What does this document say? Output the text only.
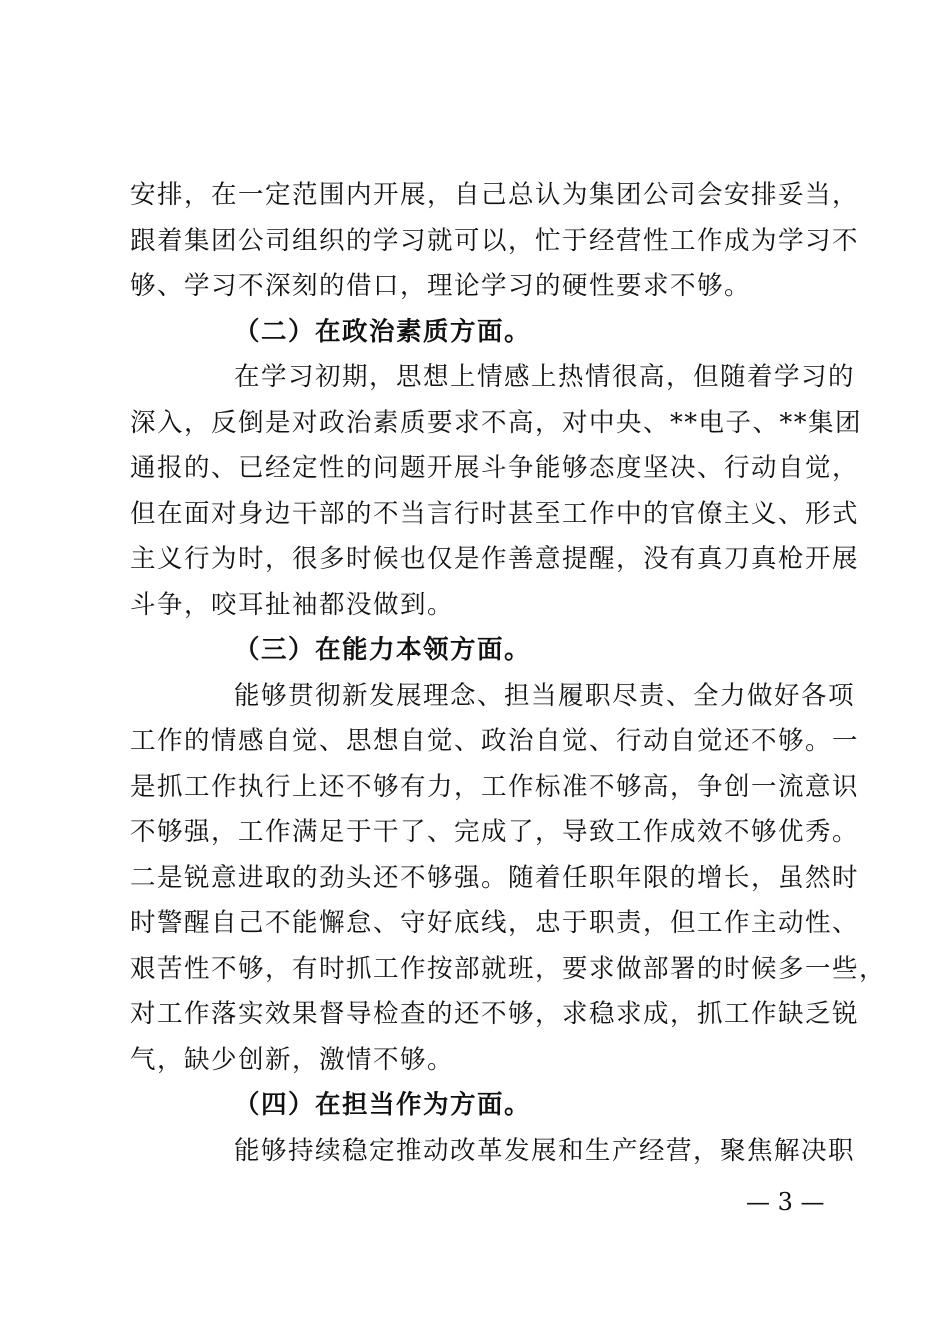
安排，在一定范围内开展，自己总认为集团公司会安排妥当，
跟着集团公司组织的学习就可以，忙于经营性工作成为学习不
够、学习不深刻的借口，理论学习的硬性要求不够。
（二）在政治素质方面。
在学习初期，思想上情感上热情很高，但随着学习的
深入，反倒是对政治素质要求不高，对中央、**电子、**集团
通报的、已经定性的问题开展斗争能够态度坚决、行动自觉，
但在面对身边干部的不当言行时甚至工作中的官僚主义、形式
主义行为时，很多时候也仅是作善意提醒，没有真刀真枪开展
斗争，咬耳扯袖都没做到。
（三）在能力本领方面。
能够贯彻新发展理念、担当履职尽责、全力做好各项
工作的情感自觉、思想自觉、政治自觉、行动自觉还不够。一
是抓工作执行上还不够有力，工作标准不够高，争创一流意识
不够强，工作满足于干了、完成了，导致工作成效不够优秀。
二是锐意进取的劲头还不够强。随着任职年限的增长，虽然时
时警醒自己不能懈怠、守好底线，忠于职责，但工作主动性、
艰苦性不够，有时抓工作按部就班，要求做部署的时候多一些，
对工作落实效果督导检查的还不够，求稳求成，抓工作缺乏锐
气，缺少创新，激情不够。
（四）在担当作为方面。
能够持续稳定推动改革发展和生产经营，聚焦解决职
— 3 —
